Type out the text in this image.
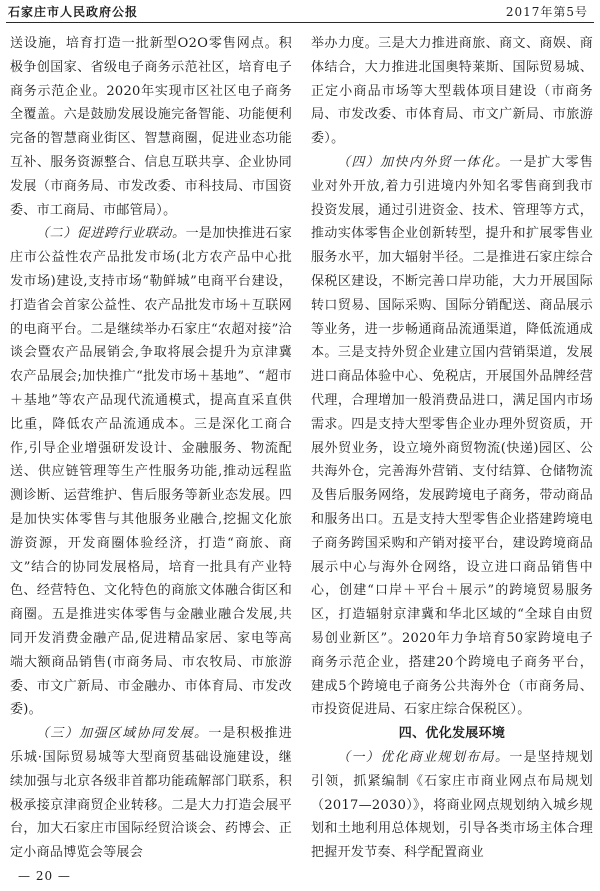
石家庄市人民政府公报	2017年第5号

送设施，培育打造一批新型O2O零售网点。积极争创国家、省级电子商务示范社区，培育电子商务示范企业。2020年实现市区社区电子商务全覆盖。六是鼓励发展设施完备智能、功能便利完备的智慧商业街区、智慧商圈，促进业态功能互补、服务资源整合、信息互联共享、企业协同发展（市商务局、市发改委、市科技局、市国资委、市工商局、市邮管局）。

（二）促进跨行业联动。一是加快推进石家庄市公益性农产品批发市场(北方农产品中心批发市场)建设,支持市场“勒鲜城”电商平台建设，打造省会首家公益性、农产品批发市场＋互联网的电商平台。二是继续举办石家庄“农超对接”洽谈会暨农产品展销会,争取将展会提升为京津冀农产品展会;加快推广“批发市场＋基地”、“超市＋基地”等农产品现代流通模式，提高直采直供比重，降低农产品流通成本。三是深化工商合作,引导企业增强研发设计、金融服务、物流配送、供应链管理等生产性服务功能,推动远程监测诊断、运营维护、售后服务等新业态发展。四是加快实体零售与其他服务业融合,挖掘文化旅游资源，开发商圈体验经济，打造“商旅、商文”结合的协同发展格局，培育一批具有产业特色、经营特色、文化特色的商旅文体融合街区和商圈。五是推进实体零售与金融业融合发展,共同开发消费金融产品,促进精品家居、家电等高端大额商品销售(市商务局、市农牧局、市旅游委、市文广新局、市金融办、市体育局、市发改委)。

（三）加强区域协同发展。一是积极推进乐城·国际贸易城等大型商贸基础设施建设，继续加强与北京各级非首都功能疏解部门联系，积极承接京津商贸企业转移。二是大力打造会展平台，加大石家庄市国际经贸洽谈会、药博会、正定小商品博览会等展会

举办力度。三是大力推进商旅、商文、商娱、商体结合，大力推进北国奥特莱斯、国际贸易城、正定小商品市场等大型载体项目建设（市商务局、市发改委、市体育局、市文广新局、市旅游委）。

（四）加快内外贸一体化。一是扩大零售业对外开放,着力引进境内外知名零售商到我市投资发展，通过引进资金、技术、管理等方式，推动实体零售企业创新转型，提升和扩展零售业服务水平，加大辐射半径。二是推进石家庄综合保税区建设，不断完善口岸功能，大力开展国际转口贸易、国际采购、国际分销配送、商品展示等业务，进一步畅通商品流通渠道，降低流通成本。三是支持外贸企业建立国内营销渠道，发展进口商品体验中心、免税店，开展国外品牌经营代理，合理增加一般消费品进口，满足国内市场需求。四是支持大型零售企业办理外贸资质，开展外贸业务，设立境外商贸物流(快递)园区、公共海外仓，完善海外营销、支付结算、仓储物流及售后服务网络，发展跨境电子商务，带动商品和服务出口。五是支持大型零售企业搭建跨境电子商务跨国采购和产销对接平台，建设跨境商品展示中心与海外仓网络，设立进口商品销售中心，创建“口岸＋平台＋展示”的跨境贸易服务区，打造辐射京津冀和华北区域的“全球自由贸易创业新区”。2020年力争培育50家跨境电子商务示范企业，搭建20个跨境电子商务平台，建成5个跨境电子商务公共海外仓（市商务局、市投资促进局、石家庄综合保税区）。

四、优化发展环境

（一）优化商业规划布局。一是坚持规划引领，抓紧编制《石家庄市商业网点布局规划（2017—2030）》，将商业网点规划纳入城乡规划和土地利用总体规划，引导各类市场主体合理把握开发节奏、科学配置商业

— 20 —
